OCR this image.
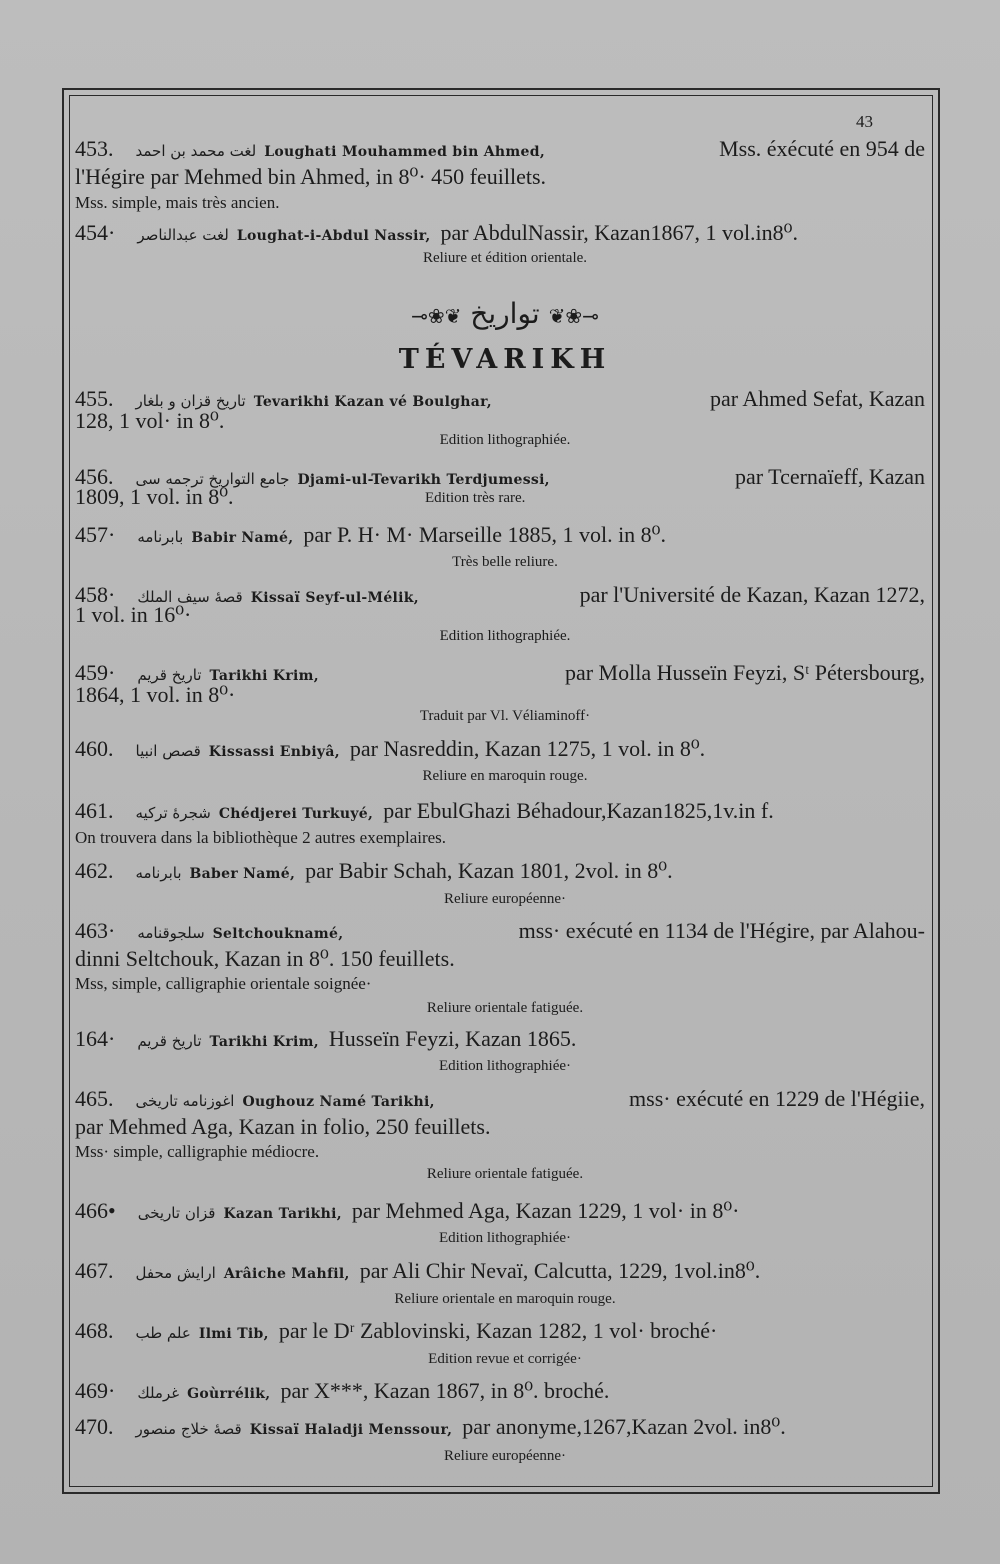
43
453. لغت محمد بن احمد Loughati Mouhammed bin Ahmed,	Mss. éxécuté en 954 de
l'Hégire par Mehmed bin Ahmed, in 8⁰· 450 feuillets.
Mss. simple, mais très ancien.
454· لغت عبدالناصر Loughat-i-Abdul Nassir, par AbdulNassir, Kazan1867, 1 vol.in8⁰.
Reliure et édition orientale.
⊸❀❦ تواريخ ❦❀⊸
TÉVARIKH
455. تاريخ قزان و بلغار Tevarikhi Kazan vé Boulghar,	par Ahmed Sefat, Kazan
128, 1 vol· in 8⁰.
Edition lithographiée.
456. جامع التواريخ ترجمه سی Djami-ul-Tevarikh Terdjumessi,	par Tcernaïeff, Kazan
1809, 1 vol. in 8⁰.	Edition très rare.
457· بابرنامه Babir Namé, par P. H· M· Marseille 1885, 1 vol. in 8⁰.
Très belle reliure.
458· قصهٔ سيف الملك Kissaï Seyf-ul-Mélik,	par l'Université de Kazan, Kazan 1272,
1 vol. in 16⁰·
Edition lithographiée.
459· تاريخ قريم Tarikhi Krim,	par Molla Husseïn Feyzi, Sᵗ Pétersbourg,
1864, 1 vol. in 8⁰·
Traduit par Vl. Véliaminoff·
460. قصص انبيا Kissassi Enbiyâ, par Nasreddin, Kazan 1275, 1 vol. in 8⁰.
Reliure en maroquin rouge.
461. شجرهٔ تركيه Chédjerei Turkuyé, par EbulGhazi Béhadour,Kazan1825,1v.in f.
On trouvera dans la bibliothèque 2 autres exemplaires.
462. بابرنامه Baber Namé, par Babir Schah, Kazan 1801, 2vol. in 8⁰.
Reliure européenne·
463· سلجوقنامه Seltchouknamé,	mss· exécuté en 1134 de l'Hégire, par Alahou-
dinni Seltchouk, Kazan in 8⁰. 150 feuillets.
Mss, simple, calligraphie orientale soignée·
Reliure orientale fatiguée.
164· تاريخ قريم Tarikhi Krim, Husseïn Feyzi, Kazan 1865.
Edition lithographiée·
465. اغوزنامه تاريخى Oughouz Namé Tarikhi,	mss· exécuté en 1229 de l'Hégiie,
par Mehmed Aga, Kazan in folio, 250 feuillets.
Mss· simple, calligraphie médiocre.
Reliure orientale fatiguée.
466• قزان تاريخى Kazan Tarikhi, par Mehmed Aga, Kazan 1229, 1 vol· in 8⁰·
Edition lithographiée·
467. ارايش محفل Arâiche Mahfil, par Ali Chir Nevaï, Calcutta, 1229, 1vol.in8⁰.
Reliure orientale en maroquin rouge.
468. علم طب Ilmi Tib, par le Dʳ Zablovinski, Kazan 1282, 1 vol· broché·
Edition revue et corrigée·
469· غرملك Goùrrélik, par X***, Kazan 1867, in 8⁰. broché.
470. قصهٔ خلاج منصور Kissaï Haladji Menssour, par anonyme,1267,Kazan 2vol. in8⁰.
Reliure européenne·
